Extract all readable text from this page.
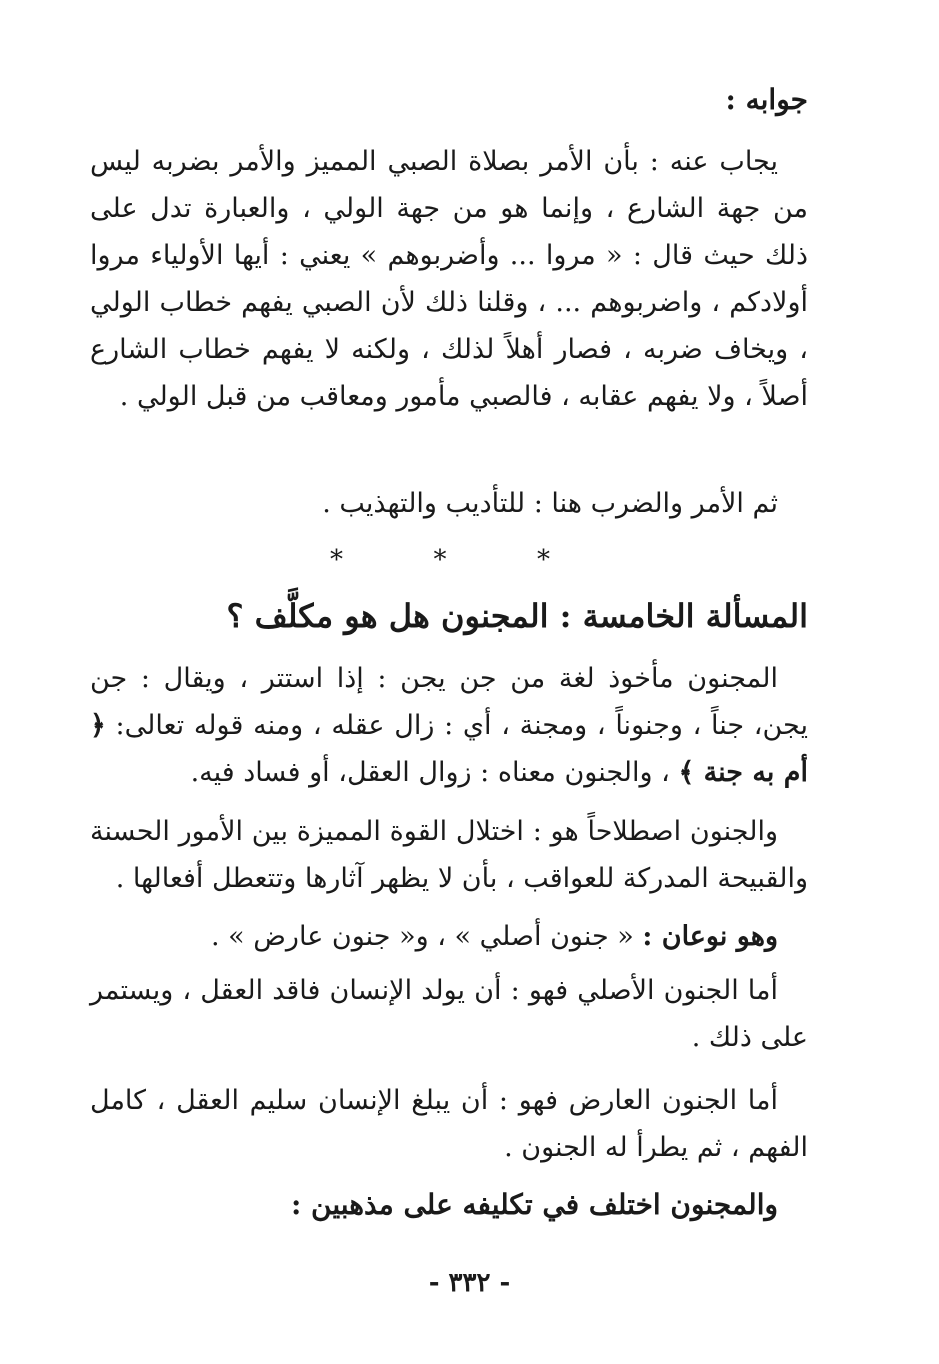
جوابه :

يجاب عنه : بأن الأمر بصلاة الصبي المميز والأمر بضربه ليس من جهة الشارع ، وإنما هو من جهة الولي ، والعبارة تدل على ذلك حيث قال : « مروا ... وأضربوهم » يعني : أيها الأولياء مروا أولادكم ، واضربوهم ... ، وقلنا ذلك لأن الصبي يفهم خطاب الولي ، ويخاف ضربه ، فصار أهلاً لذلك ، ولكنه لا يفهم خطاب الشارع أصلاً ، ولا يفهم عقابه ، فالصبي مأمور ومعاقب من قبل الولي .

ثم الأمر والضرب هنا : للتأديب والتهذيب .

*	*	*
المسألة الخامسة : المجنون هل هو مكلَّف ؟

المجنون مأخوذ لغة من جن يجن : إذا استتر ، ويقال : جن يجن، جناً ، وجنوناً ، ومجنة ، أي : زال عقله ، ومنه قوله تعالى: ﴿ أم به جنة ﴾ ، والجنون معناه : زوال العقل، أو فساد فيه.

والجنون اصطلاحاً هو : اختلال القوة المميزة بين الأمور الحسنة والقبيحة المدركة للعواقب ، بأن لا يظهر آثارها وتتعطل أفعالها .

وهو نوعان : « جنون أصلي » ، و« جنون عارض » .

أما الجنون الأصلي فهو : أن يولد الإنسان فاقد العقل ، ويستمر على ذلك .

أما الجنون العارض فهو : أن يبلغ الإنسان سليم العقل ، كامل الفهم ، ثم يطرأ له الجنون .

والمجنون اختلف في تكليفه على مذهبين :
- ٣٣٢ -
